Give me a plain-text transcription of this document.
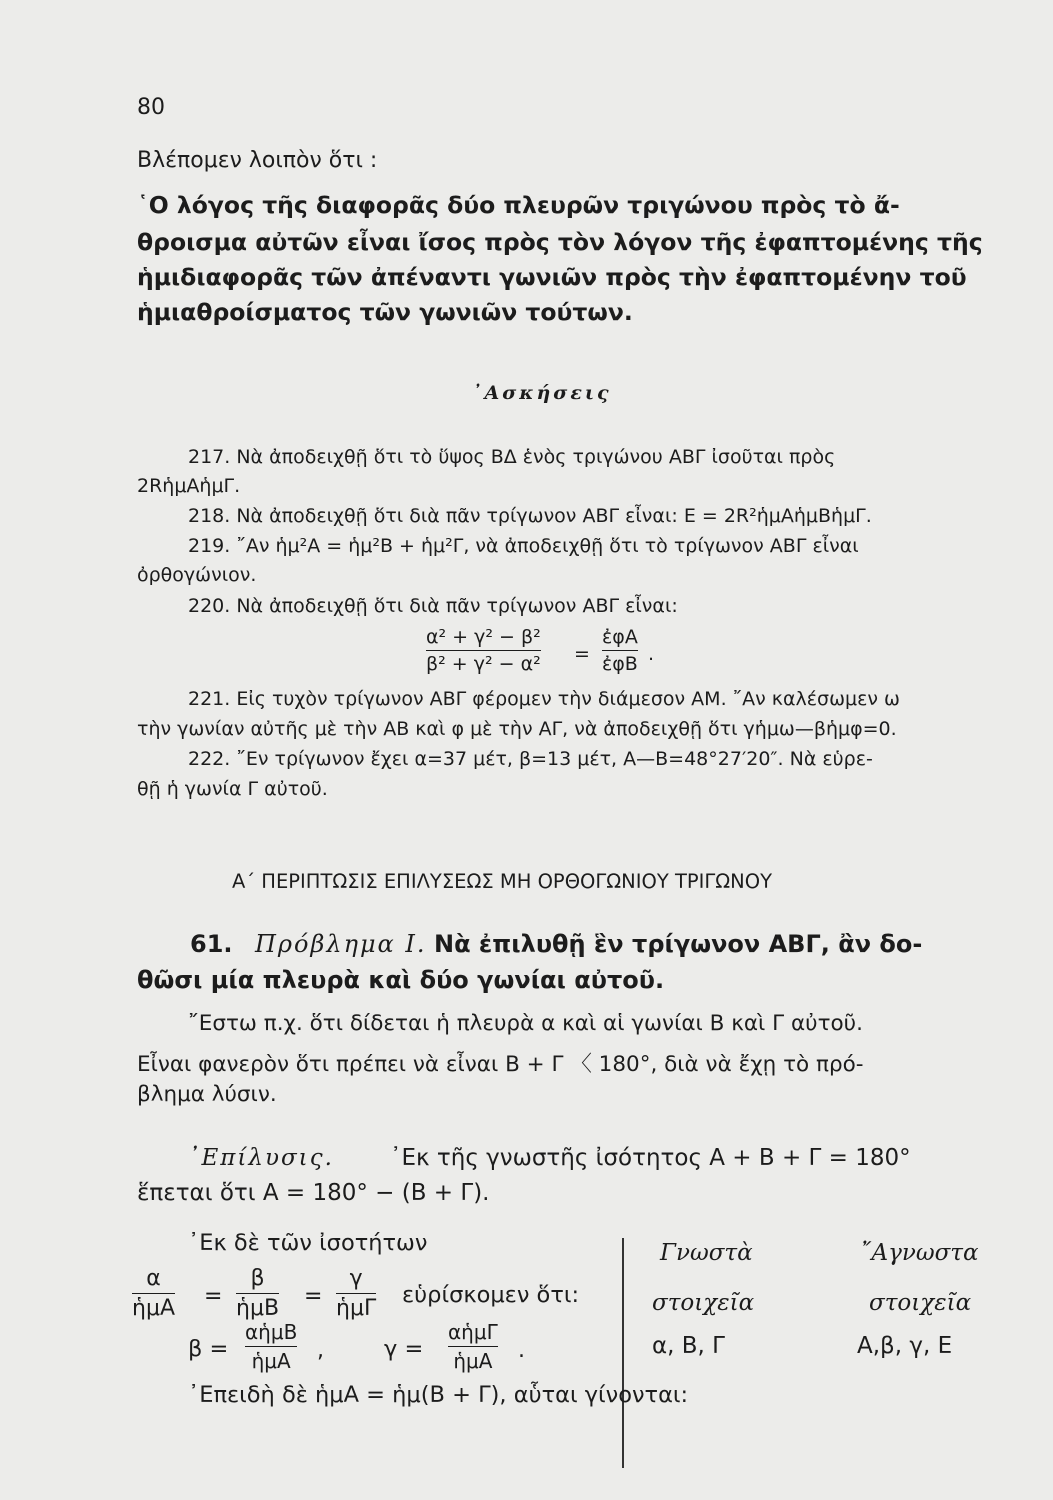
80
Βλέπομεν λοιπὸν ὅτι :
῾Ο λόγος τῆς διαφορᾶς δύο πλευρῶν τριγώνου πρὸς τὸ ἄ-
θροισμα αὐτῶν εἶναι ἴσος πρὸς τὸν λόγον τῆς ἐφαπτομένης τῆς
ἡμιδιαφορᾶς τῶν ἀπέναντι γωνιῶν πρὸς τὴν ἐφαπτομένην τοῦ
ἡμιαθροίσματος τῶν γωνιῶν τούτων.
᾿Ασκήσεις
217. Νὰ ἀποδειχθῇ ὅτι τὸ ὕψος ΒΔ ἑνὸς τριγώνου ΑΒΓ ἰσοῦται πρὸς
2RἡμΑἡμΓ.
218. Νὰ ἀποδειχθῇ ὅτι διὰ πᾶν τρίγωνον ΑΒΓ εἶναι: Ε = 2R²ἡμΑἡμΒἡμΓ.
219. ῎Αν ἡμ²Α = ἡμ²Β + ἡμ²Γ, νὰ ἀποδειχθῇ ὅτι τὸ τρίγωνον ΑΒΓ εἶναι
ὀρθογώνιον.
220. Νὰ ἀποδειχθῇ ὅτι διὰ πᾶν τρίγωνον ΑΒΓ εἶναι:
α² + γ² − β²
β² + γ² − α² =
ἐφΑ
ἐφΒ .
221. Εἰς τυχὸν τρίγωνον ΑΒΓ φέρομεν τὴν διάμεσον ΑΜ. ῎Αν καλέσωμεν ω
τὴν γωνίαν αὐτῆς μὲ τὴν ΑΒ καὶ φ μὲ τὴν ΑΓ, νὰ ἀποδειχθῇ ὅτι γἡμω—βἡμφ=0.
222. ῎Εν τρίγωνον ἔχει α=37 μέτ, β=13 μέτ, Α—Β=48°27′20″. Νὰ εὑρε-
θῇ ἡ γωνία Γ αὐτοῦ.
Α΄ ΠΕΡΙΠΤΩΣΙΣ ΕΠΙΛΥΣΕΩΣ ΜΗ ΟΡΘΟΓΩΝΙΟΥ ΤΡΙΓΩΝΟΥ
61. Πρόβλημα Ι. Νὰ ἐπιλυθῇ ἓν τρίγωνον ΑΒΓ, ἂν δο-
θῶσι μία πλευρὰ καὶ δύο γωνίαι αὐτοῦ.
῎Εστω π.χ. ὅτι δίδεται ἡ πλευρὰ α καὶ αἱ γωνίαι Β καὶ Γ αὐτοῦ.
Εἶναι φανερὸν ὅτι πρέπει νὰ εἶναι Β + Γ 〈 180°, διὰ νὰ ἔχῃ τὸ πρό-
βλημα λύσιν.
᾿Επίλυσις. ᾿Εκ τῆς γνωστῆς ἰσότητος Α + Β + Γ = 180°
ἕπεται ὅτι Α = 180° − (Β + Γ).
᾿Εκ δὲ τῶν ἰσοτήτων
α
ἡμΑ =
β
ἡμΒ =
γ
ἡμΓ
εὑρίσκομεν ὅτι:
β =
αἡμΒ
ἡμΑ ,	γ =
αἡμΓ
ἡμΑ .
Γνωστὰ
στοιχεῖα
῎Αγνωστα
στοιχεῖα
α, Β, Γ	Α,β, γ, Ε
᾿Επειδὴ δὲ ἡμΑ = ἡμ(Β + Γ), αὗται γίνονται:
